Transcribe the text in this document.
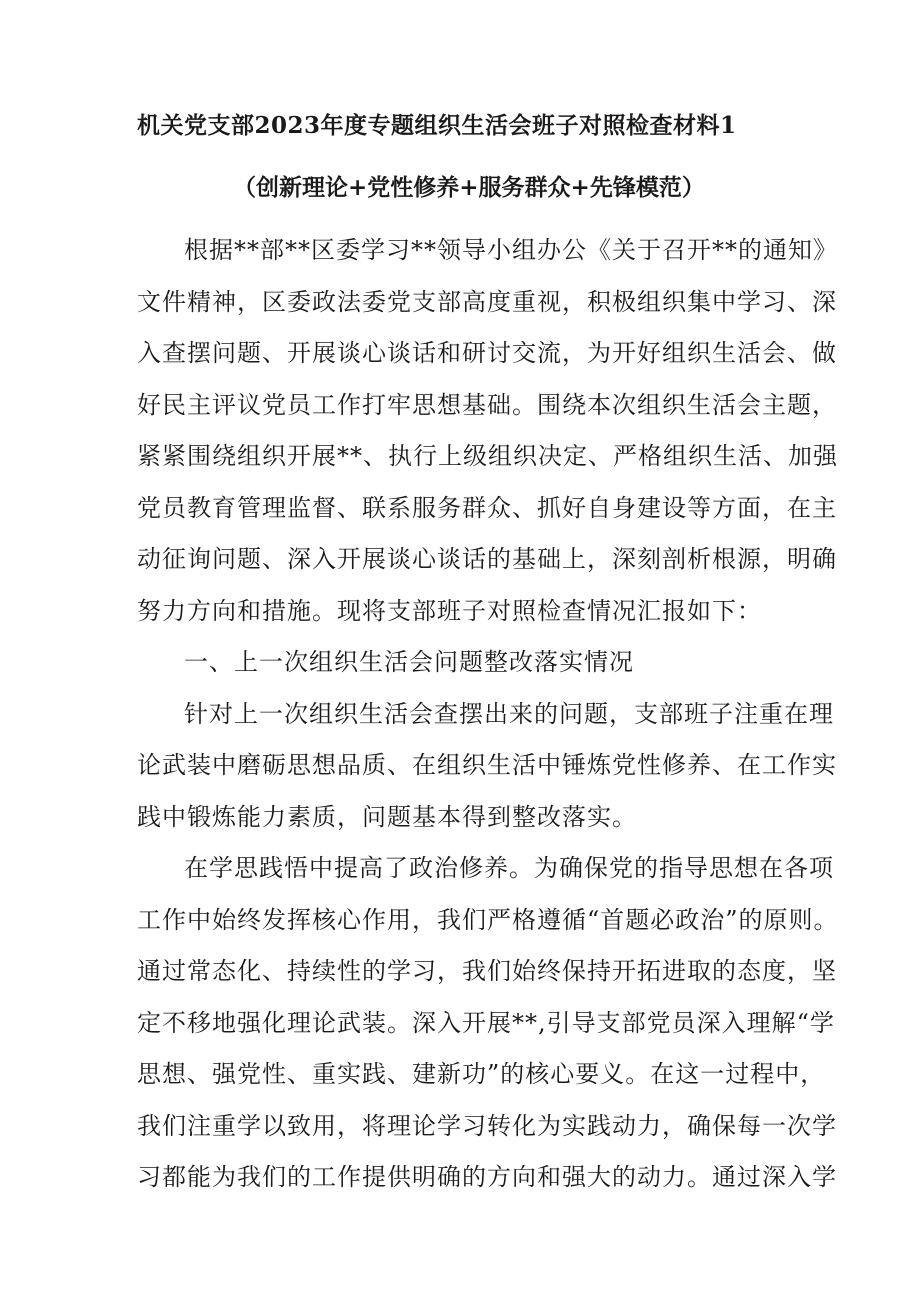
机关党支部2023年度专题组织生活会班子对照检查材料1
（创新理论+党性修养+服务群众+先锋模范）
根据**部**区委学习**领导小组办公《关于召开**的通知》
文件精神，区委政法委党支部高度重视，积极组织集中学习、深
入查摆问题、开展谈心谈话和研讨交流，为开好组织生活会、做
好民主评议党员工作打牢思想基础。围绕本次组织生活会主题，
紧紧围绕组织开展**、执行上级组织决定、严格组织生活、加强
党员教育管理监督、联系服务群众、抓好自身建设等方面，在主
动征询问题、深入开展谈心谈话的基础上，深刻剖析根源，明确
努力方向和措施。现将支部班子对照检查情况汇报如下：
一、上一次组织生活会问题整改落实情况
针对上一次组织生活会查摆出来的问题，支部班子注重在理
论武装中磨砺思想品质、在组织生活中锤炼党性修养、在工作实
践中锻炼能力素质，问题基本得到整改落实。
在学思践悟中提高了政治修养。为确保党的指导思想在各项
工作中始终发挥核心作用，我们严格遵循“首题必政治”的原则。
通过常态化、持续性的学习，我们始终保持开拓进取的态度，坚
定不移地强化理论武装。深入开展**,引导支部党员深入理解“学
思想、强党性、重实践、建新功”的核心要义。在这一过程中，
我们注重学以致用，将理论学习转化为实践动力，确保每一次学
习都能为我们的工作提供明确的方向和强大的动力。通过深入学
